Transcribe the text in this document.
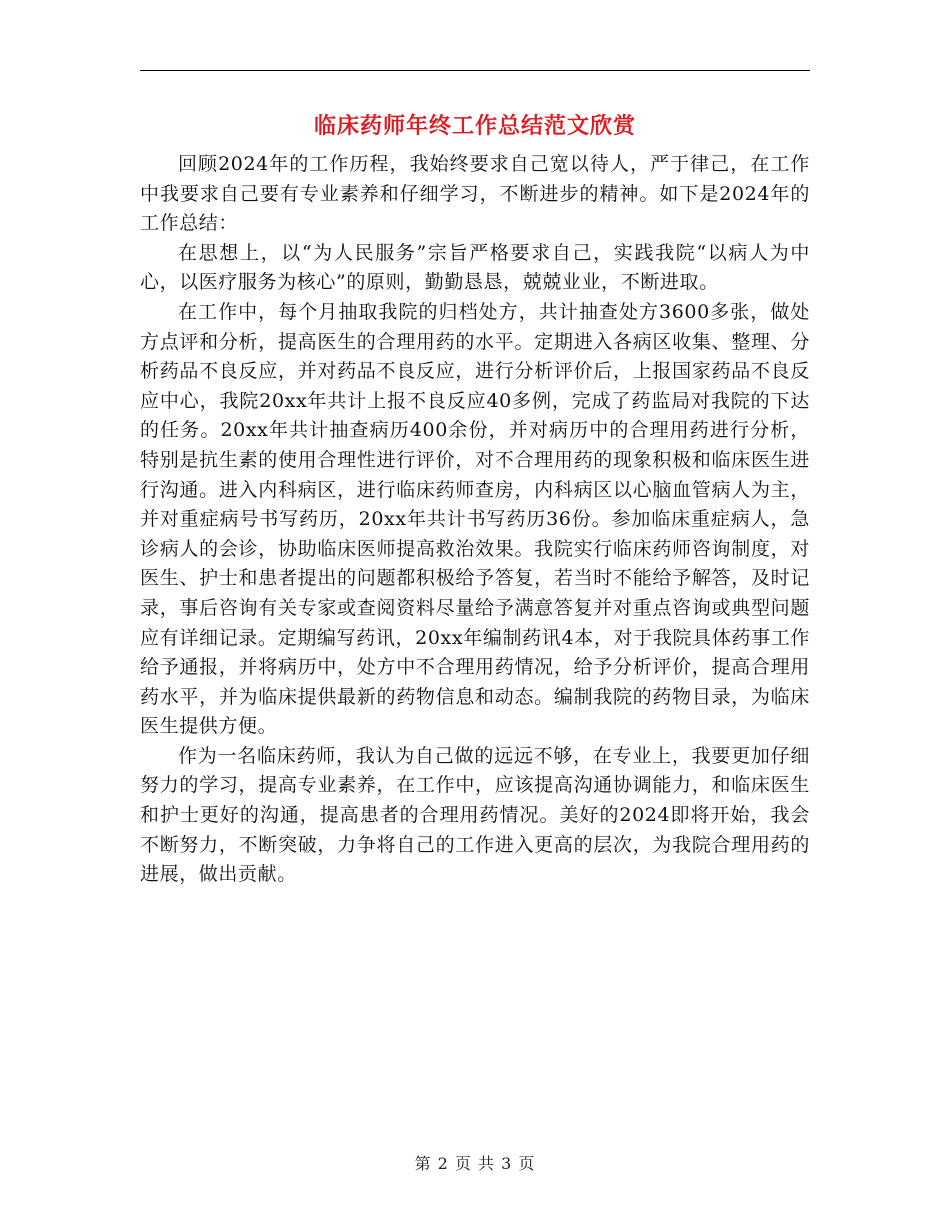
临床药师年终工作总结范文欣赏

回顾2024年的工作历程，我始终要求自己宽以待人，严于律己，在工作中我要求自己要有专业素养和仔细学习，不断进步的精神。如下是2024年的工作总结：

在思想上，以“为人民服务”宗旨严格要求自己，实践我院“以病人为中心，以医疗服务为核心”的原则，勤勤恳恳，兢兢业业，不断进取。

在工作中，每个月抽取我院的归档处方，共计抽查处方3600多张，做处方点评和分析，提高医生的合理用药的水平。定期进入各病区收集、整理、分析药品不良反应，并对药品不良反应，进行分析评价后，上报国家药品不良反应中心，我院20xx年共计上报不良反应40多例，完成了药监局对我院的下达的任务。20xx年共计抽查病历400余份，并对病历中的合理用药进行分析，特别是抗生素的使用合理性进行评价，对不合理用药的现象积极和临床医生进行沟通。进入内科病区，进行临床药师查房，内科病区以心脑血管病人为主，并对重症病号书写药历，20xx年共计书写药历36份。参加临床重症病人，急诊病人的会诊，协助临床医师提高救治效果。我院实行临床药师咨询制度，对医生、护士和患者提出的问题都积极给予答复，若当时不能给予解答，及时记录，事后咨询有关专家或查阅资料尽量给予满意答复并对重点咨询或典型问题应有详细记录。定期编写药讯，20xx年编制药讯4本，对于我院具体药事工作给予通报，并将病历中，处方中不合理用药情况，给予分析评价，提高合理用药水平，并为临床提供最新的药物信息和动态。编制我院的药物目录，为临床医生提供方便。

作为一名临床药师，我认为自己做的远远不够，在专业上，我要更加仔细努力的学习，提高专业素养，在工作中，应该提高沟通协调能力，和临床医生和护士更好的沟通，提高患者的合理用药情况。美好的2024即将开始，我会不断努力，不断突破，力争将自己的工作进入更高的层次，为我院合理用药的进展，做出贡献。

第 2 页 共 3 页
